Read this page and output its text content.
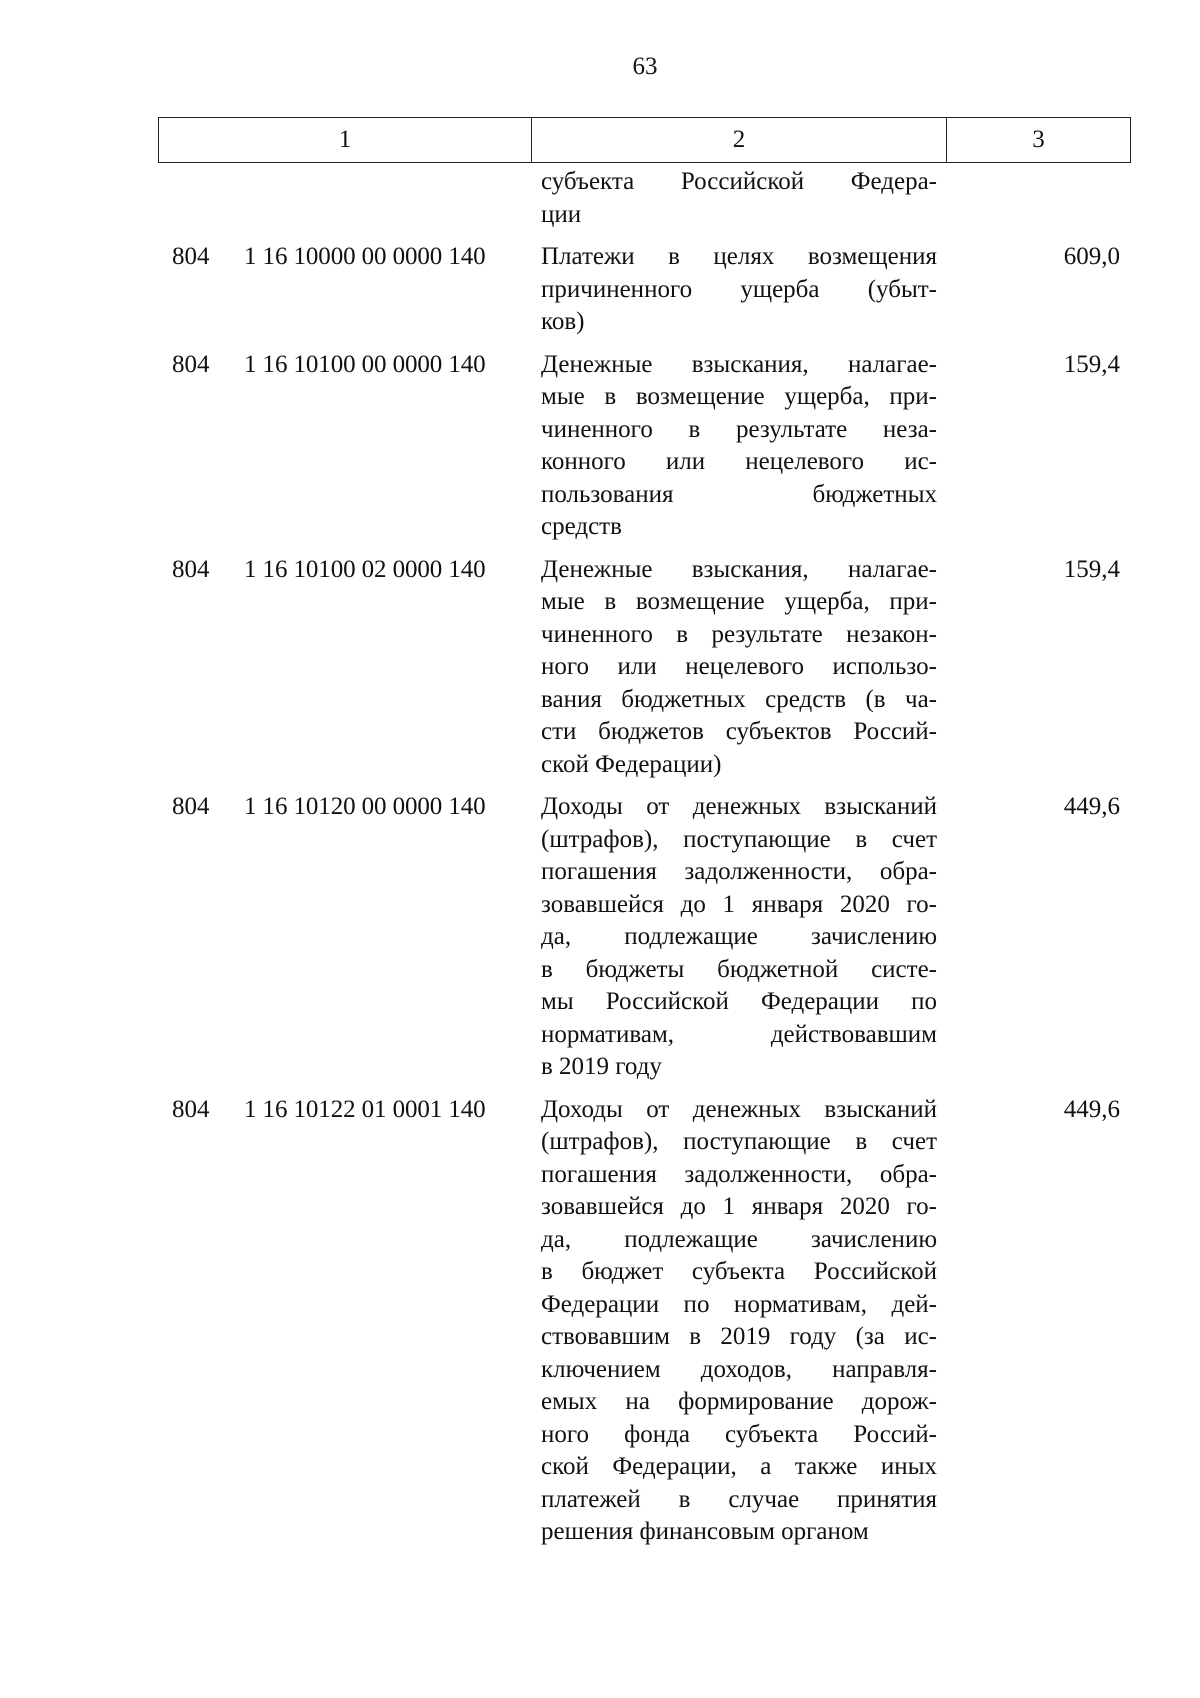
63
1	2	3
субъекта Российской Федера-
ции
804 1 16 10000 00 0000 140 Платежи в целях возмещения
причиненного ущерба (убыт-
ков)
609,0
804 1 16 10100 00 0000 140 Денежные взыскания, налагае-
мые в возмещение ущерба, при-
чиненного в результате неза-
конного или нецелевого ис-
пользования бюджетных
средств
159,4
804 1 16 10100 02 0000 140 Денежные взыскания, налагае-
мые в возмещение ущерба, при-
чиненного в результате незакон-
ного или нецелевого использо-
вания бюджетных средств (в ча-
сти бюджетов субъектов Россий-
ской Федерации)
159,4
804 1 16 10120 00 0000 140 Доходы от денежных взысканий
(штрафов), поступающие в счет
погашения задолженности, обра-
зовавшейся до 1 января 2020 го-
да, подлежащие зачислению
в бюджеты бюджетной систе-
мы Российской Федерации по
нормативам, действовавшим
в 2019 году
449,6
804 1 16 10122 01 0001 140 Доходы от денежных взысканий
(штрафов), поступающие в счет
погашения задолженности, обра-
зовавшейся до 1 января 2020 го-
да, подлежащие зачислению
в бюджет субъекта Российской
Федерации по нормативам, дей-
ствовавшим в 2019 году (за ис-
ключением доходов, направля-
емых на формирование дорож-
ного фонда субъекта Россий-
ской Федерации, а также иных
платежей в случае принятия
решения финансовым органом
449,6
